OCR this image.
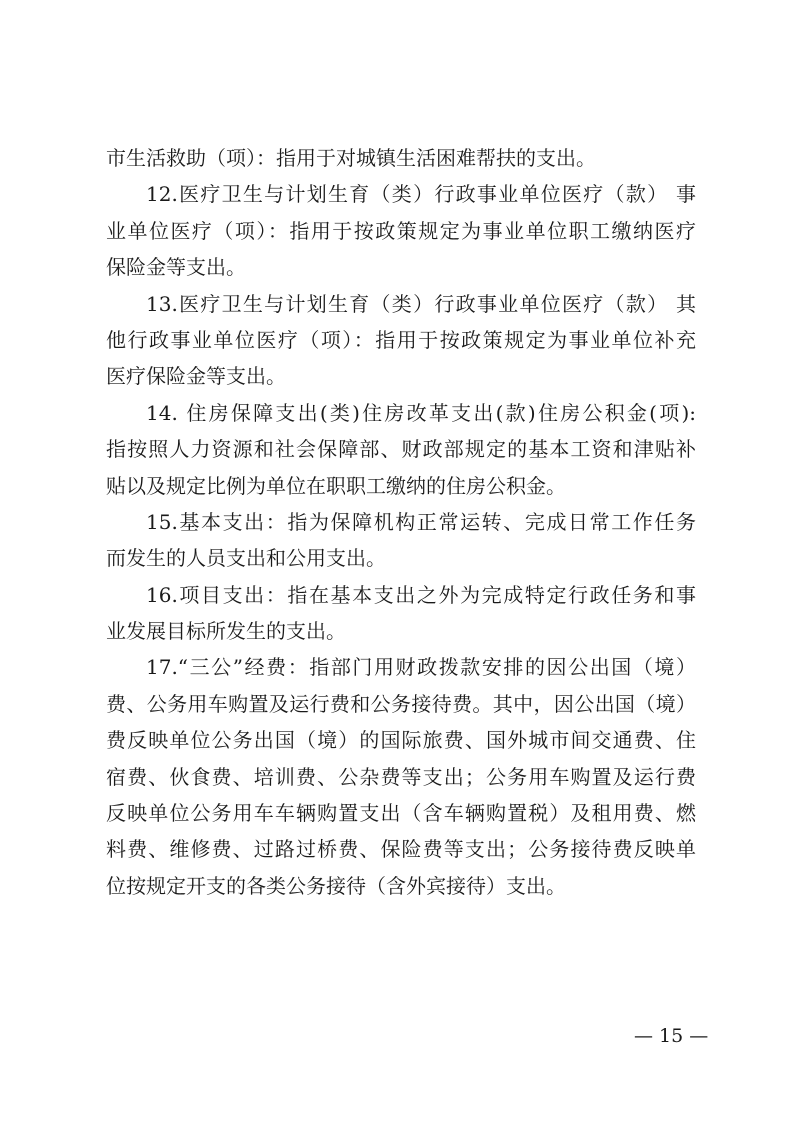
市生活救助（项）：指用于对城镇生活困难帮扶的支出。
12.医疗卫生与计划生育（类）行政事业单位医疗（款） 事
业单位医疗（项）：指用于按政策规定为事业单位职工缴纳医疗
保险金等支出。
13.医疗卫生与计划生育（类）行政事业单位医疗（款） 其
他行政事业单位医疗（项）：指用于按政策规定为事业单位补充
医疗保险金等支出。
14. 住房保障支出(类)住房改革支出(款)住房公积金(项):
指按照人力资源和社会保障部、财政部规定的基本工资和津贴补
贴以及规定比例为单位在职职工缴纳的住房公积金。
15.基本支出：指为保障机构正常运转、完成日常工作任务
而发生的人员支出和公用支出。
16.项目支出：指在基本支出之外为完成特定行政任务和事
业发展目标所发生的支出。
17.“三公”经费：指部门用财政拨款安排的因公出国（境）
费、公务用车购置及运行费和公务接待费。其中，因公出国（境）
费反映单位公务出国（境）的国际旅费、国外城市间交通费、住
宿费、伙食费、培训费、公杂费等支出；公务用车购置及运行费
反映单位公务用车车辆购置支出（含车辆购置税）及租用费、燃
料费、维修费、过路过桥费、保险费等支出；公务接待费反映单
位按规定开支的各类公务接待（含外宾接待）支出。
— 15 —
